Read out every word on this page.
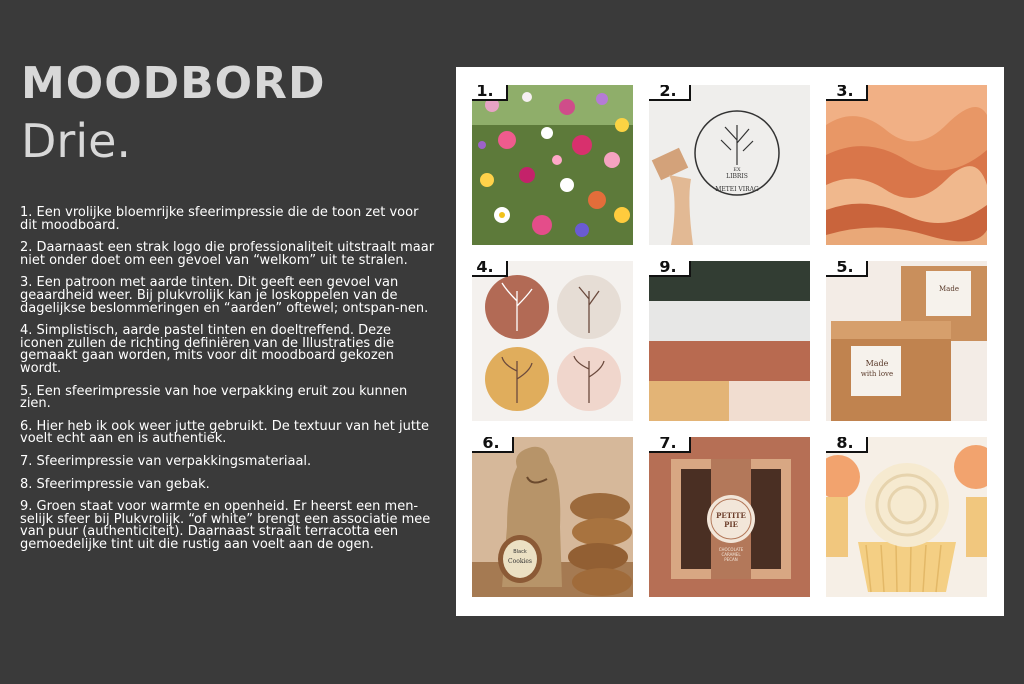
MOODBORD
Drie.

1. Een vrolijke bloemrijke sfeerimpressie die de toon zet voor dit moodboard.

2. Daarnaast een strak logo die professionaliteit uitstraalt maar niet onder doet om een gevoel van “welkom” uit te stralen.

3. Een patroon met aarde tinten. Dit geeft een gevoel van geaardheid weer. Bij plukvrolijk kan je loskoppelen van de dagelijkse beslommeringen en “aarden” oftewel; ontspan-nen.

4. Simplistisch, aarde pastel tinten en doeltreffend. Deze iconen zullen de richting definiëren van de Illustraties die gemaakt gaan worden, mits voor dit moodboard gekozen wordt.

5. Een sfeerimpressie van hoe verpakking eruit zou kunnen zien.

6. Hier heb ik ook weer jutte gebruikt. De textuur van het jutte voelt echt aan en is authentiek.

7. Sfeerimpressie van verpakkingsmateriaal.

8. Sfeerimpressie van gebak.

9. Groen staat voor warmte en openheid. Er heerst een men-selijk sfeer bij Plukvrolijk. “of white” brengt een associatie mee van puur (authenticiteit). Daarnaast straalt terracotta een gemoedelijke tint uit die rustig aan voelt aan de ogen.

1.
EX
LIBRIS
METEI VIRAG
2.	3.
4.	9.
Made
with love
Made
5.
Black
Cookies
6.
PETITE PIE
CHOCOLATE CARAMEL PECAN
7.	8.
